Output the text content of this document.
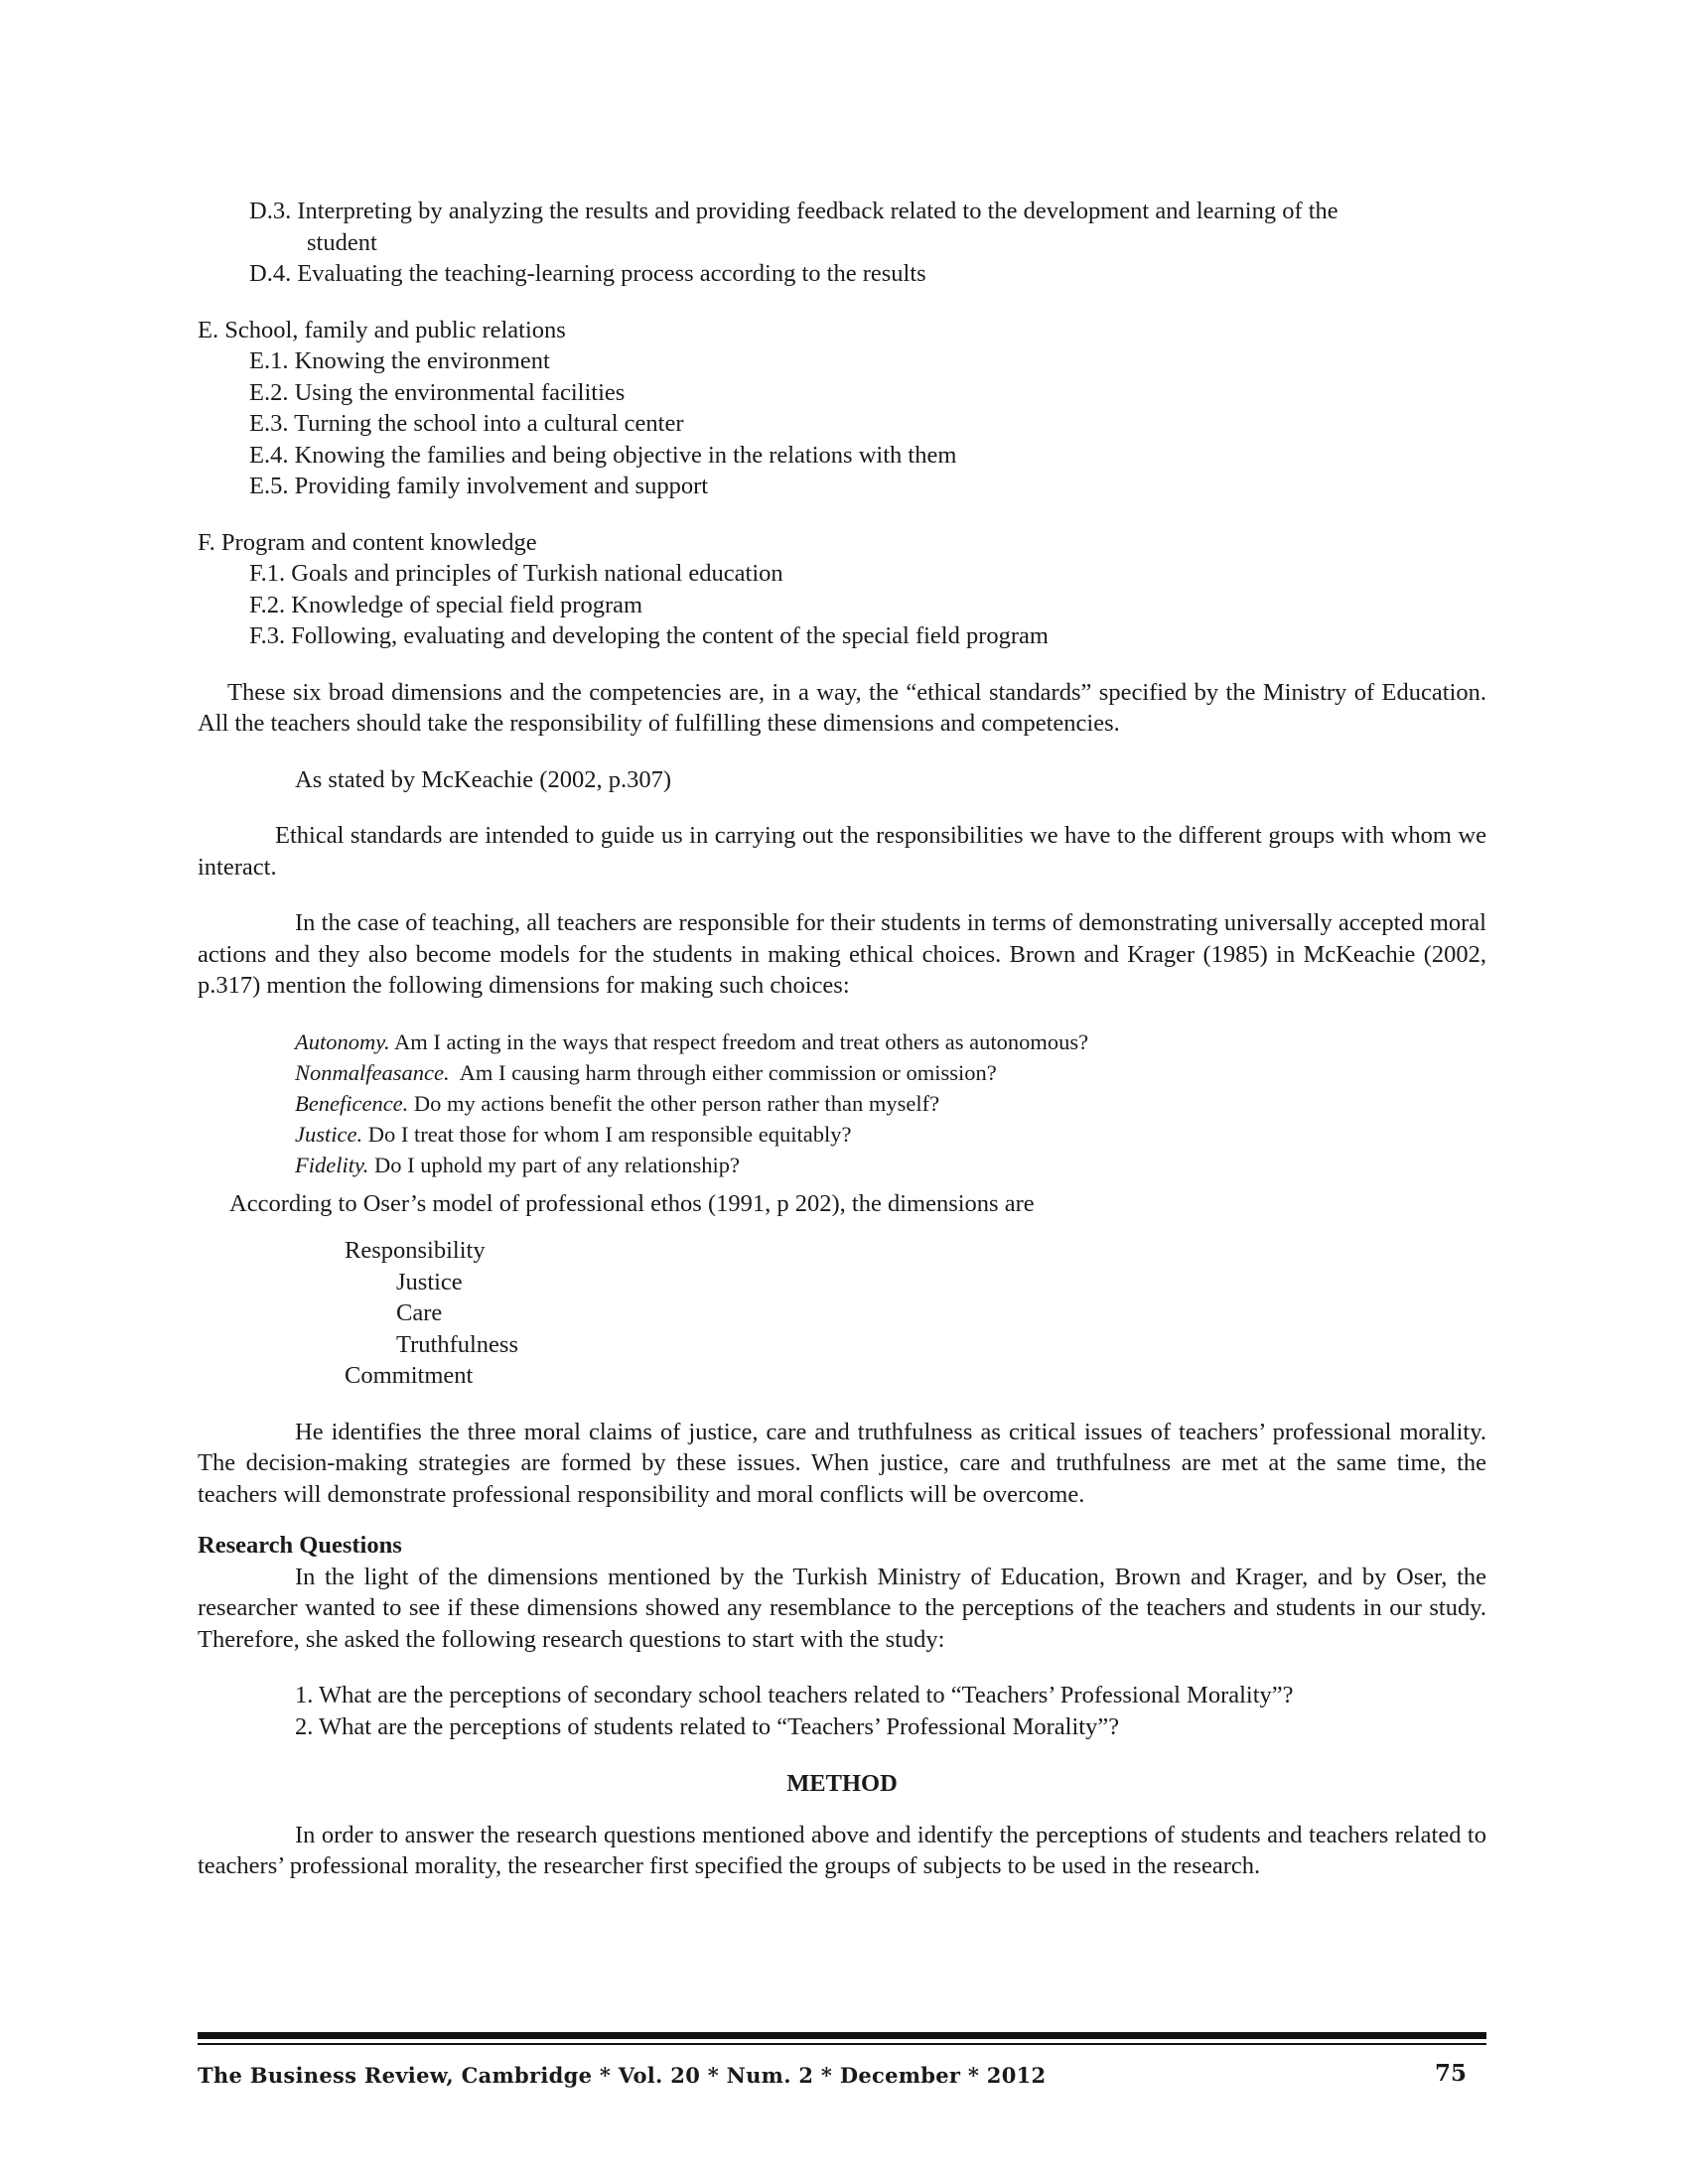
D.3. Interpreting by analyzing the results and providing feedback related to the development and learning of the
student
D.4. Evaluating the teaching-learning process according to the results
E. School, family and public relations
E.1. Knowing the environment
E.2. Using the environmental facilities
E.3. Turning the school into a cultural center
E.4. Knowing the families and being objective in the relations with them
E.5. Providing family involvement and support
F. Program and content knowledge
F.1. Goals and principles of Turkish national education
F.2. Knowledge of special field program
F.3. Following, evaluating and developing the content of the special field program

These six broad dimensions and the competencies are, in a way, the “ethical standards” specified by the Ministry of Education. All the teachers should take the responsibility of fulfilling these dimensions and competencies.

As stated by McKeachie (2002, p.307)

Ethical standards are intended to guide us in carrying out the responsibilities we have to the different groups with whom we interact.

In the case of teaching, all teachers are responsible for their students in terms of demonstrating universally accepted moral actions and they also become models for the students in making ethical choices. Brown and Krager (1985) in McKeachie (2002, p.317) mention the following dimensions for making such choices:

Autonomy. Am I acting in the ways that respect freedom and treat others as autonomous?
Nonmalfeasance.  Am I causing harm through either commission or omission?
Beneficence. Do my actions benefit the other person rather than myself?
Justice. Do I treat those for whom I am responsible equitably?
Fidelity. Do I uphold my part of any relationship?

According to Oser’s model of professional ethos (1991, p 202), the dimensions are

Responsibility
Justice
Care
Truthfulness
Commitment

He identifies the three moral claims of justice, care and truthfulness as critical issues of teachers’ professional morality. The decision-making strategies are formed by these issues. When justice, care and truthfulness are met at the same time, the teachers will demonstrate professional responsibility and moral conflicts will be overcome.

Research Questions

In the light of the dimensions mentioned by the Turkish Ministry of Education, Brown and Krager, and by Oser, the researcher wanted to see if these dimensions showed any resemblance to the perceptions of the teachers and students in our study. Therefore, she asked the following research questions to start with the study:

1. What are the perceptions of secondary school teachers related to “Teachers’ Professional Morality”?
2. What are the perceptions of students related to “Teachers’ Professional Morality”?
METHOD

In order to answer the research questions mentioned above and identify the perceptions of students and teachers related to teachers’ professional morality, the researcher first specified the groups of subjects to be used in the research.

The Business Review, Cambridge * Vol. 20 * Num. 2 * December * 2012	75
